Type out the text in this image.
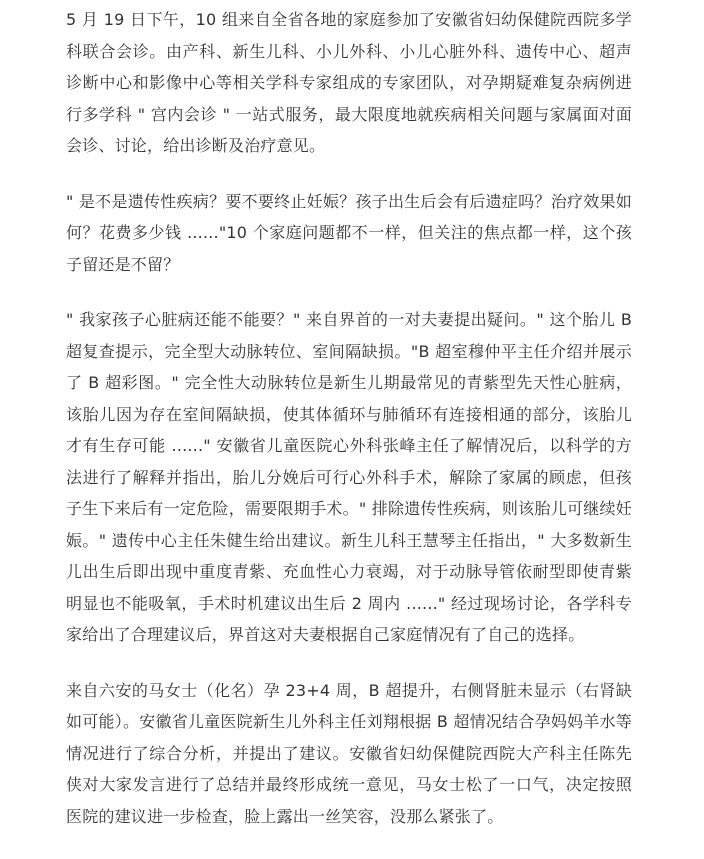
5 月 19 日下午，10 组来自全省各地的家庭参加了安徽省妇幼保健院西院多学科联合会诊。由产科、新生儿科、小儿外科、小儿心脏外科、遗传中心、超声诊断中心和影像中心等相关学科专家组成的专家团队，对孕期疑难复杂病例进行多学科 " 宫内会诊 " 一站式服务，最大限度地就疾病相关问题与家属面对面会诊、讨论，给出诊断及治疗意见。

" 是不是遗传性疾病？要不要终止妊娠？孩子出生后会有后遗症吗？治疗效果如何？花费多少钱 ......"10 个家庭问题都不一样，但关注的焦点都一样，这个孩子留还是不留？

" 我家孩子心脏病还能不能要？" 来自界首的一对夫妻提出疑问。" 这个胎儿 B 超复查提示，完全型大动脉转位、室间隔缺损。"B 超室穆仲平主任介绍并展示了 B 超彩图。" 完全性大动脉转位是新生儿期最常见的青紫型先天性心脏病，该胎儿因为存在室间隔缺损，使其体循环与肺循环有连接相通的部分，该胎儿才有生存可能 ......" 安徽省儿童医院心外科张峰主任了解情况后，以科学的方法进行了解释并指出，胎儿分娩后可行心外科手术，解除了家属的顾虑，但孩子生下来后有一定危险，需要限期手术。" 排除遗传性疾病，则该胎儿可继续妊娠。" 遗传中心主任朱健生给出建议。新生儿科王慧琴主任指出，" 大多数新生儿出生后即出现中重度青紫、充血性心力衰竭，对于动脉导管依耐型即使青紫明显也不能吸氧，手术时机建议出生后 2 周内 ......" 经过现场讨论，各学科专家给出了合理建议后，界首这对夫妻根据自己家庭情况有了自己的选择。

来自六安的马女士（化名）孕 23+4 周，B 超提升，右侧肾脏未显示（右肾缺如可能）。安徽省儿童医院新生儿外科主任刘翔根据 B 超情况结合孕妈妈羊水等情况进行了综合分析，并提出了建议。安徽省妇幼保健院西院大产科主任陈先侠对大家发言进行了总结并最终形成统一意见，马女士松了一口气，决定按照医院的建议进一步检查，脸上露出一丝笑容，没那么紧张了。
